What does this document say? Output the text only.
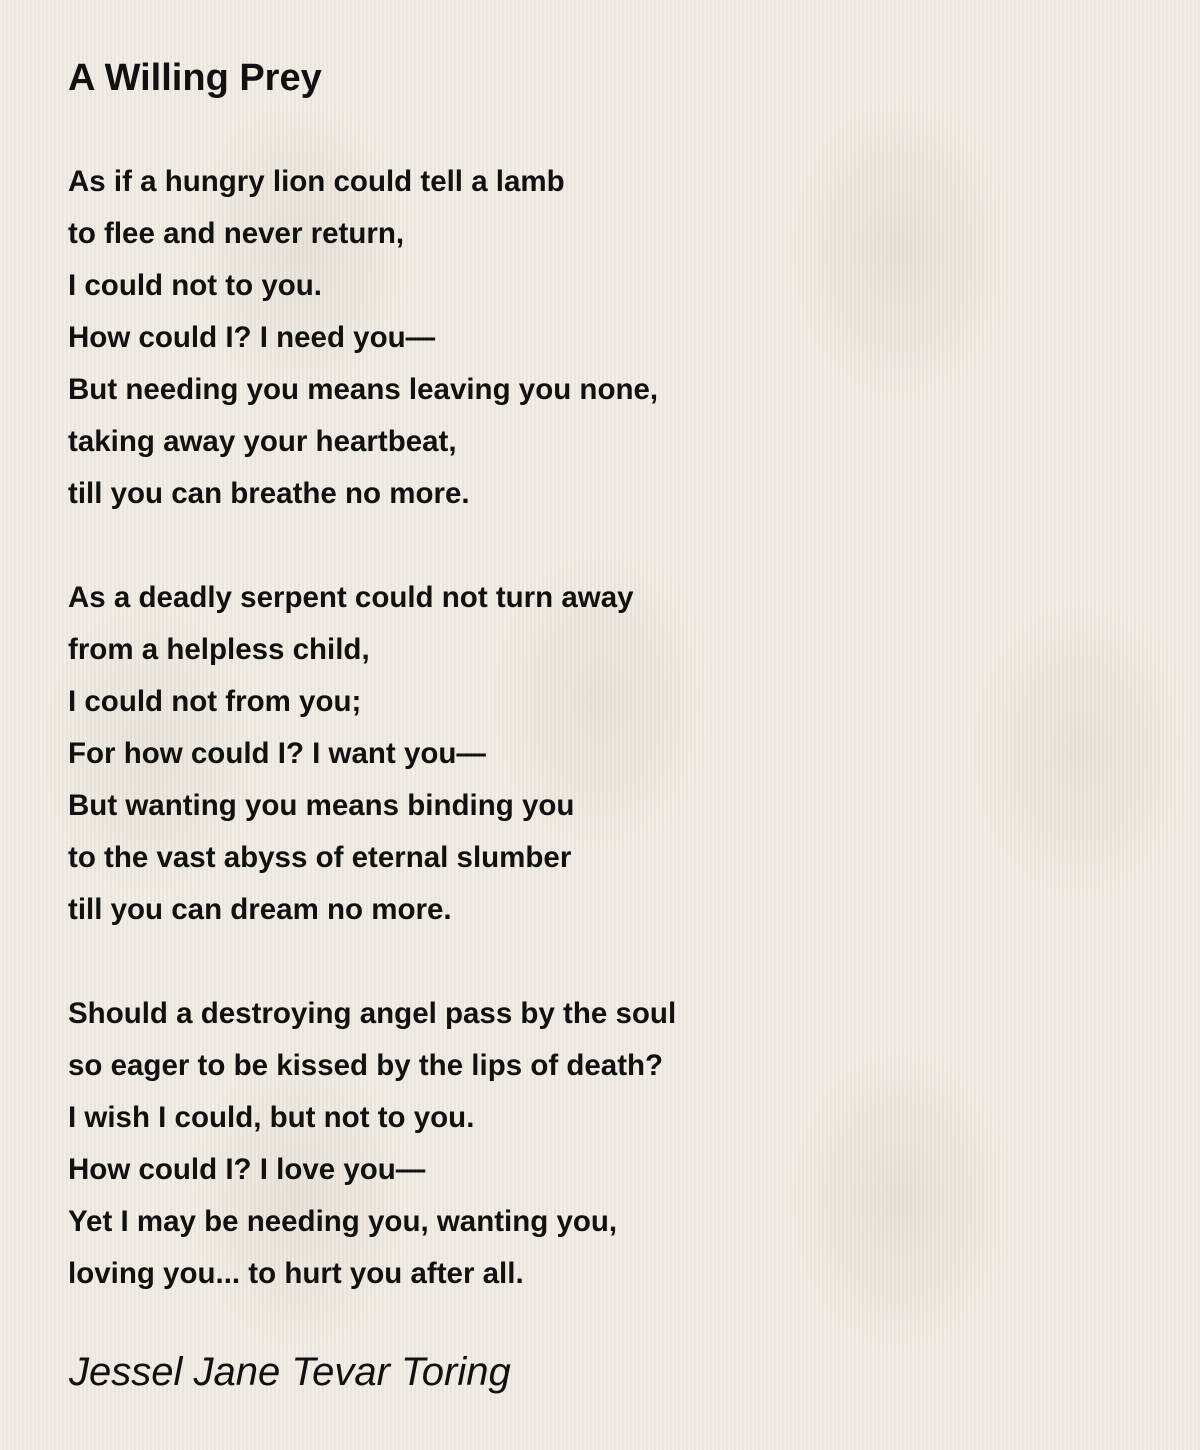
A Willing Prey
As if a hungry lion could tell a lamb
to flee and never return,
I could not to you.
How could I? I need you—
But needing you means leaving you none,
taking away your heartbeat,
till you can breathe no more.
As a deadly serpent could not turn away
from a helpless child,
I could not from you;
For how could I? I want you—
But wanting you means binding you
to the vast abyss of eternal slumber
till you can dream no more.
Should a destroying angel pass by the soul
so eager to be kissed by the lips of death?
I wish I could, but not to you.
How could I? I love you—
Yet I may be needing you, wanting you,
loving you... to hurt you after all.
Jessel Jane Tevar Toring
